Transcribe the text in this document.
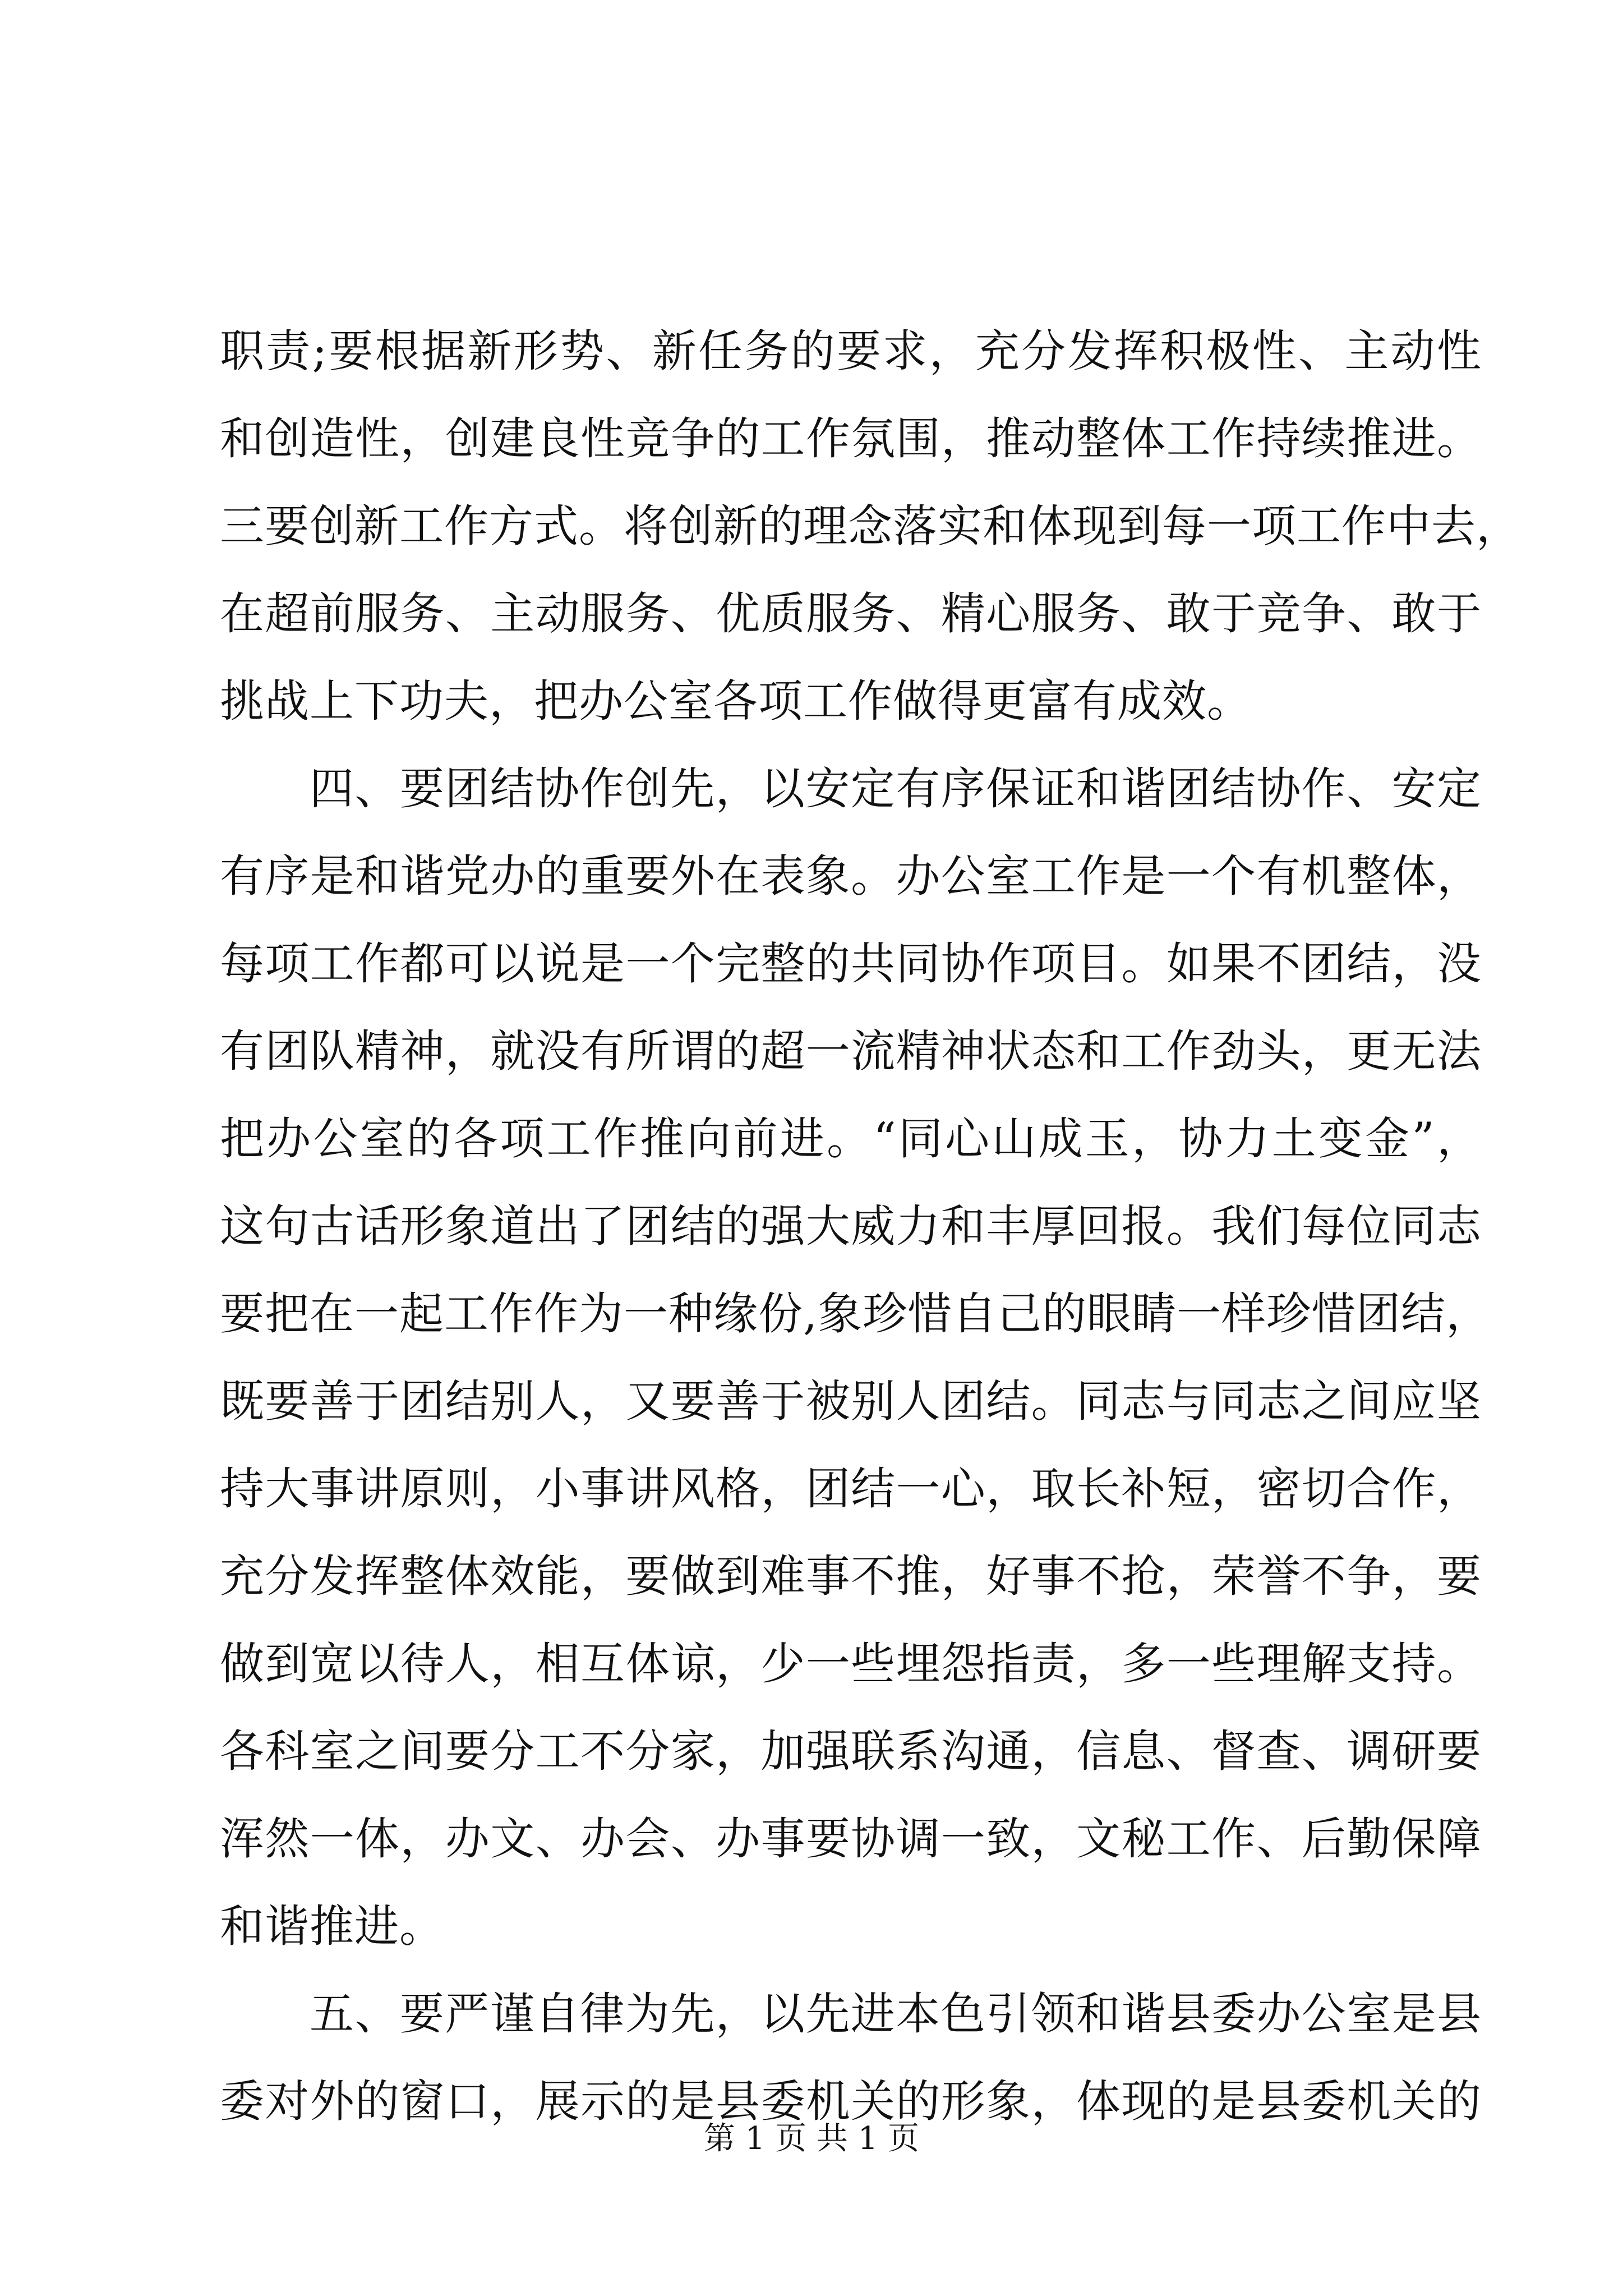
职责;要根据新形势、新任务的要求，充分发挥积极性、主动性
和创造性，创建良性竞争的工作氛围，推动整体工作持续推进。
三要创新工作方式。将创新的理念落实和体现到每一项工作中去，
在超前服务、主动服务、优质服务、精心服务、敢于竞争、敢于
挑战上下功夫，把办公室各项工作做得更富有成效。
四、要团结协作创先，以安定有序保证和谐团结协作、安定
有序是和谐党办的重要外在表象。办公室工作是一个有机整体，
每项工作都可以说是一个完整的共同协作项目。如果不团结，没
有团队精神，就没有所谓的超一流精神状态和工作劲头，更无法
把办公室的各项工作推向前进。“同心山成玉，协力土变金”，
这句古话形象道出了团结的强大威力和丰厚回报。我们每位同志
要把在一起工作作为一种缘份,象珍惜自己的眼睛一样珍惜团结，
既要善于团结别人，又要善于被别人团结。同志与同志之间应坚
持大事讲原则，小事讲风格，团结一心，取长补短，密切合作，
充分发挥整体效能，要做到难事不推，好事不抢，荣誉不争，要
做到宽以待人，相互体谅，少一些埋怨指责，多一些理解支持。
各科室之间要分工不分家，加强联系沟通，信息、督查、调研要
浑然一体，办文、办会、办事要协调一致，文秘工作、后勤保障
和谐推进。
五、要严谨自律为先，以先进本色引领和谐县委办公室是县
委对外的窗口，展示的是县委机关的形象，体现的是县委机关的
第 1 页 共 1 页
